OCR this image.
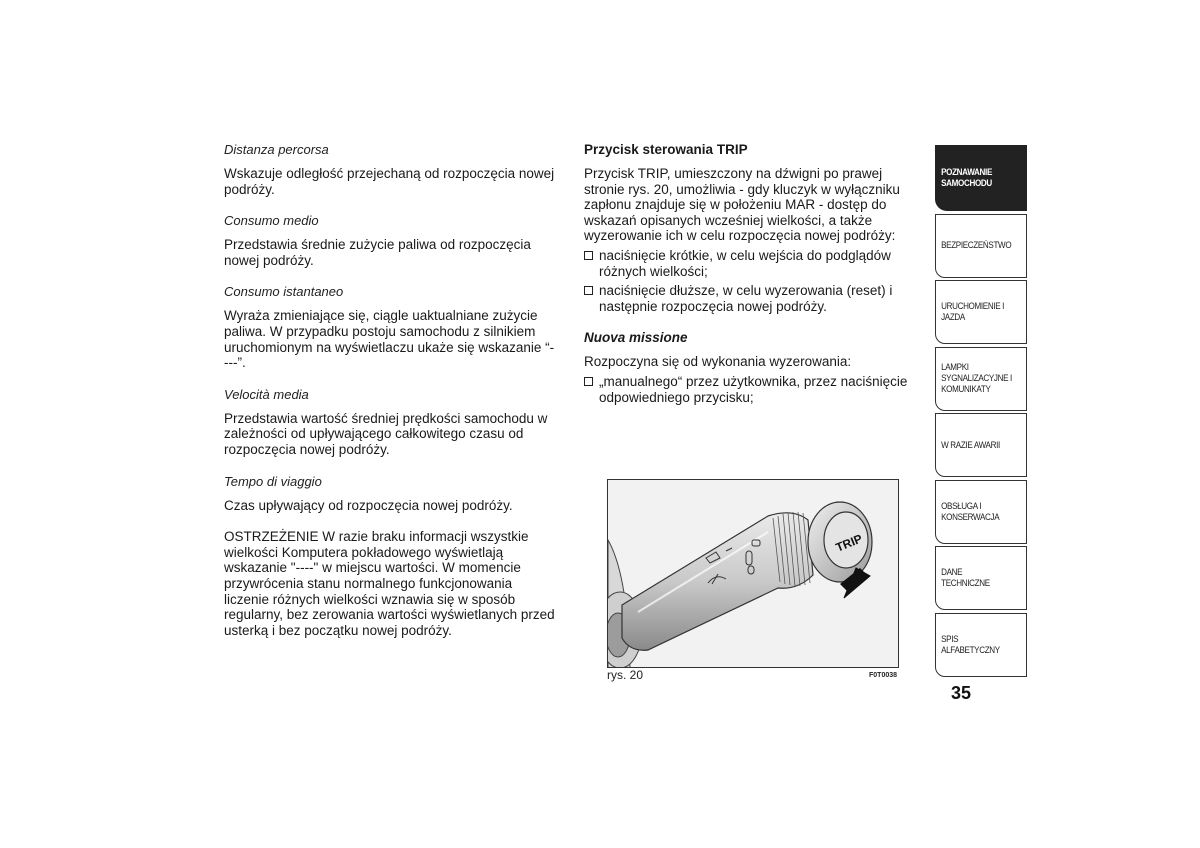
Distanza percorsa

Wskazuje odległość przejechaną od rozpoczęcia nowej podróży.

Consumo medio

Przedstawia średnie zużycie paliwa od rozpoczęcia nowej podróży.

Consumo istantaneo

Wyraża zmieniające się, ciągle uaktualniane zużycie paliwa. W przypadku postoju samochodu z silnikiem uruchomionym na wyświetlaczu ukaże się wskazanie “----”.

Velocità media

Przedstawia wartość średniej prędkości samochodu w zależności od upływającego całkowitego czasu od rozpoczęcia nowej podróży.

Tempo di viaggio

Czas upływający od rozpoczęcia nowej podróży.

OSTRZEŻENIE W razie braku informacji wszystkie wielkości Komputera pokładowego wyświetlają wskazanie "----" w miejscu wartości. W momencie przywrócenia stanu normalnego funkcjonowania liczenie różnych wielkości wznawia się w sposób regularny, bez zerowania wartości wyświetlanych przed usterką i bez początku nowej podróży.

Przycisk sterowania TRIP

Przycisk TRIP, umieszczony na dźwigni po prawej stronie rys. 20, umożliwia - gdy kluczyk w wyłączniku zapłonu znajduje się w położeniu MAR - dostęp do wskazań opisanych wcześniej wielkości, a także wyzerowanie ich w celu rozpoczęcia nowej podróży:

naciśnięcie krótkie, w celu wejścia do podglądów różnych wielkości;
naciśnięcie dłuższe, w celu wyzerowania (reset) i następnie rozpoczęcia nowej podróży.

Nuova missione

Rozpoczyna się od wykonania wyzerowania:

„manualnego“ przez użytkownika, przez naciśnięcie odpowiedniego przycisku;
TRIP
rys. 20	F0T0038
POZNAWANIE
SAMOCHODU
BEZPIECZEŃSTWO
URUCHOMIENIE I
JAZDA
LAMPKI
SYGNALIZACYJNE I
KOMUNIKATY
W RAZIE AWARII
OBSŁUGA I
KONSERWACJA
DANE TECHNICZNE
SPIS ALFABETYCZNY
35
